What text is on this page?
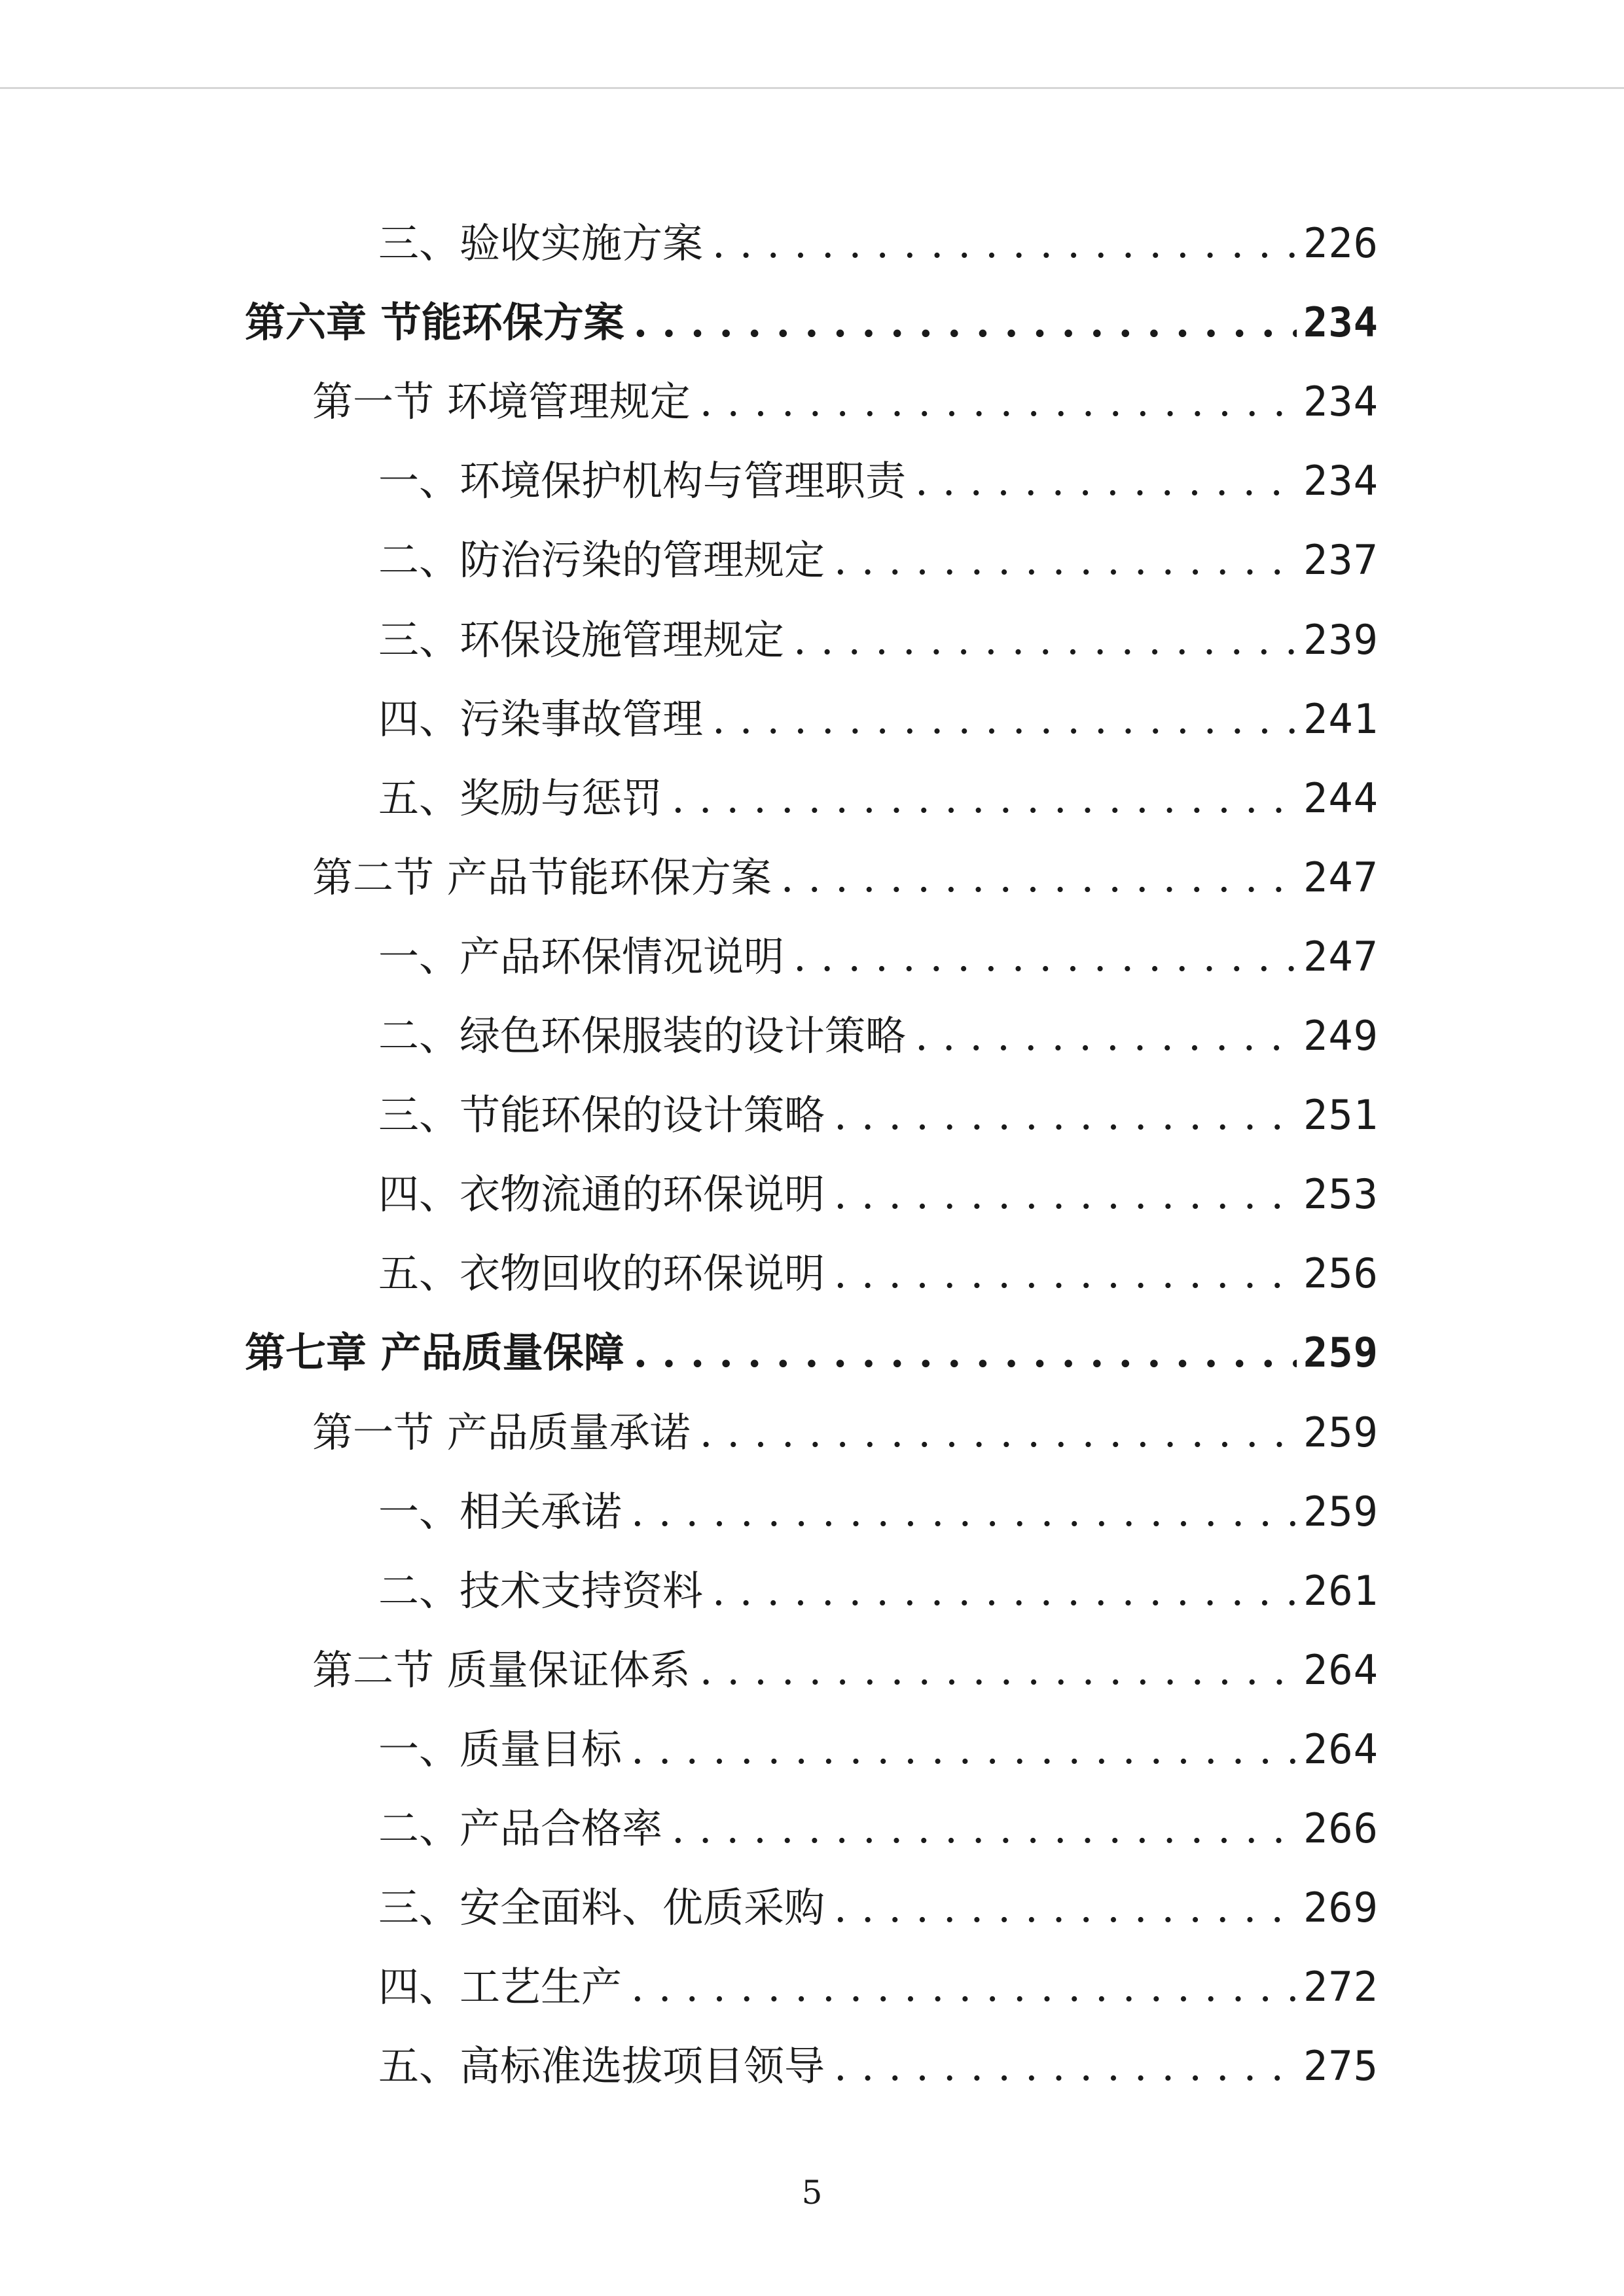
三、验收实施方案 .....	226
第六章 节能环保方案 .....	234
第一节 环境管理规定 .....	234
一、环境保护机构与管理职责 .....	234
二、防治污染的管理规定 .....	237
三、环保设施管理规定 .....	239
四、污染事故管理 .....	241
五、奖励与惩罚 .....	244
第二节 产品节能环保方案 .....	247
一、产品环保情况说明 .....	247
二、绿色环保服装的设计策略 .....	249
三、节能环保的设计策略 .....	251
四、衣物流通的环保说明 .....	253
五、衣物回收的环保说明 .....	256
第七章 产品质量保障 .....	259
第一节 产品质量承诺 .....	259
一、相关承诺 .....	259
二、技术支持资料 .....	261
第二节 质量保证体系 .....	264
一、质量目标 .....	264
二、产品合格率 .....	266
三、安全面料、优质采购 .....	269
四、工艺生产 .....	272
五、高标准选拔项目领导 .....	275
5
